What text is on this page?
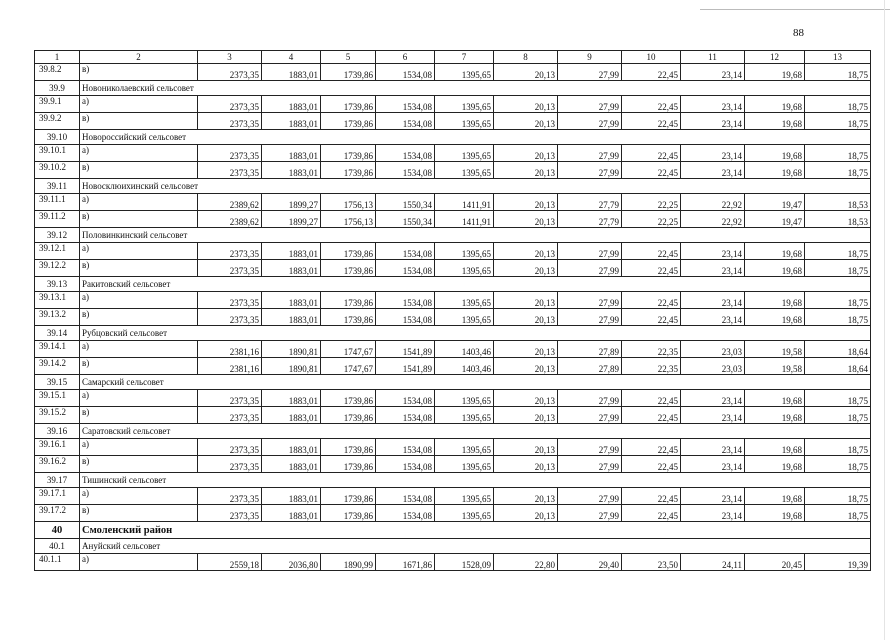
88
1	2	3	4	5	6	7	8	9	10	11	12	13
39.8.2	в)	2373,35	1883,01	1739,86	1534,08	1395,65	20,13	27,99	22,45	23,14	19,68	18,75
39.9	Новониколаевский сельсовет											
39.9.1	а)	2373,35	1883,01	1739,86	1534,08	1395,65	20,13	27,99	22,45	23,14	19,68	18,75
39.9.2	в)	2373,35	1883,01	1739,86	1534,08	1395,65	20,13	27,99	22,45	23,14	19,68	18,75
39.10	Новороссийский сельсовет											
39.10.1	а)	2373,35	1883,01	1739,86	1534,08	1395,65	20,13	27,99	22,45	23,14	19,68	18,75
39.10.2	в)	2373,35	1883,01	1739,86	1534,08	1395,65	20,13	27,99	22,45	23,14	19,68	18,75
39.11	Новосклюихинский сельсовет											
39.11.1	а)	2389,62	1899,27	1756,13	1550,34	1411,91	20,13	27,79	22,25	22,92	19,47	18,53
39.11.2	в)	2389,62	1899,27	1756,13	1550,34	1411,91	20,13	27,79	22,25	22,92	19,47	18,53
39.12	Половинкинский сельсовет											
39.12.1	а)	2373,35	1883,01	1739,86	1534,08	1395,65	20,13	27,99	22,45	23,14	19,68	18,75
39.12.2	в)	2373,35	1883,01	1739,86	1534,08	1395,65	20,13	27,99	22,45	23,14	19,68	18,75
39.13	Ракитовский сельсовет											
39.13.1	а)	2373,35	1883,01	1739,86	1534,08	1395,65	20,13	27,99	22,45	23,14	19,68	18,75
39.13.2	в)	2373,35	1883,01	1739,86	1534,08	1395,65	20,13	27,99	22,45	23,14	19,68	18,75
39.14	Рубцовский сельсовет											
39.14.1	а)	2381,16	1890,81	1747,67	1541,89	1403,46	20,13	27,89	22,35	23,03	19,58	18,64
39.14.2	в)	2381,16	1890,81	1747,67	1541,89	1403,46	20,13	27,89	22,35	23,03	19,58	18,64
39.15	Самарский сельсовет											
39.15.1	а)	2373,35	1883,01	1739,86	1534,08	1395,65	20,13	27,99	22,45	23,14	19,68	18,75
39.15.2	в)	2373,35	1883,01	1739,86	1534,08	1395,65	20,13	27,99	22,45	23,14	19,68	18,75
39.16	Саратовский сельсовет											
39.16.1	а)	2373,35	1883,01	1739,86	1534,08	1395,65	20,13	27,99	22,45	23,14	19,68	18,75
39.16.2	в)	2373,35	1883,01	1739,86	1534,08	1395,65	20,13	27,99	22,45	23,14	19,68	18,75
39.17	Тишинский сельсовет											
39.17.1	а)	2373,35	1883,01	1739,86	1534,08	1395,65	20,13	27,99	22,45	23,14	19,68	18,75
39.17.2	в)	2373,35	1883,01	1739,86	1534,08	1395,65	20,13	27,99	22,45	23,14	19,68	18,75
40	Смоленский район											
40.1	Ануйский сельсовет											
40.1.1	а)	2559,18	2036,80	1890,99	1671,86	1528,09	22,80	29,40	23,50	24,11	20,45	19,39
